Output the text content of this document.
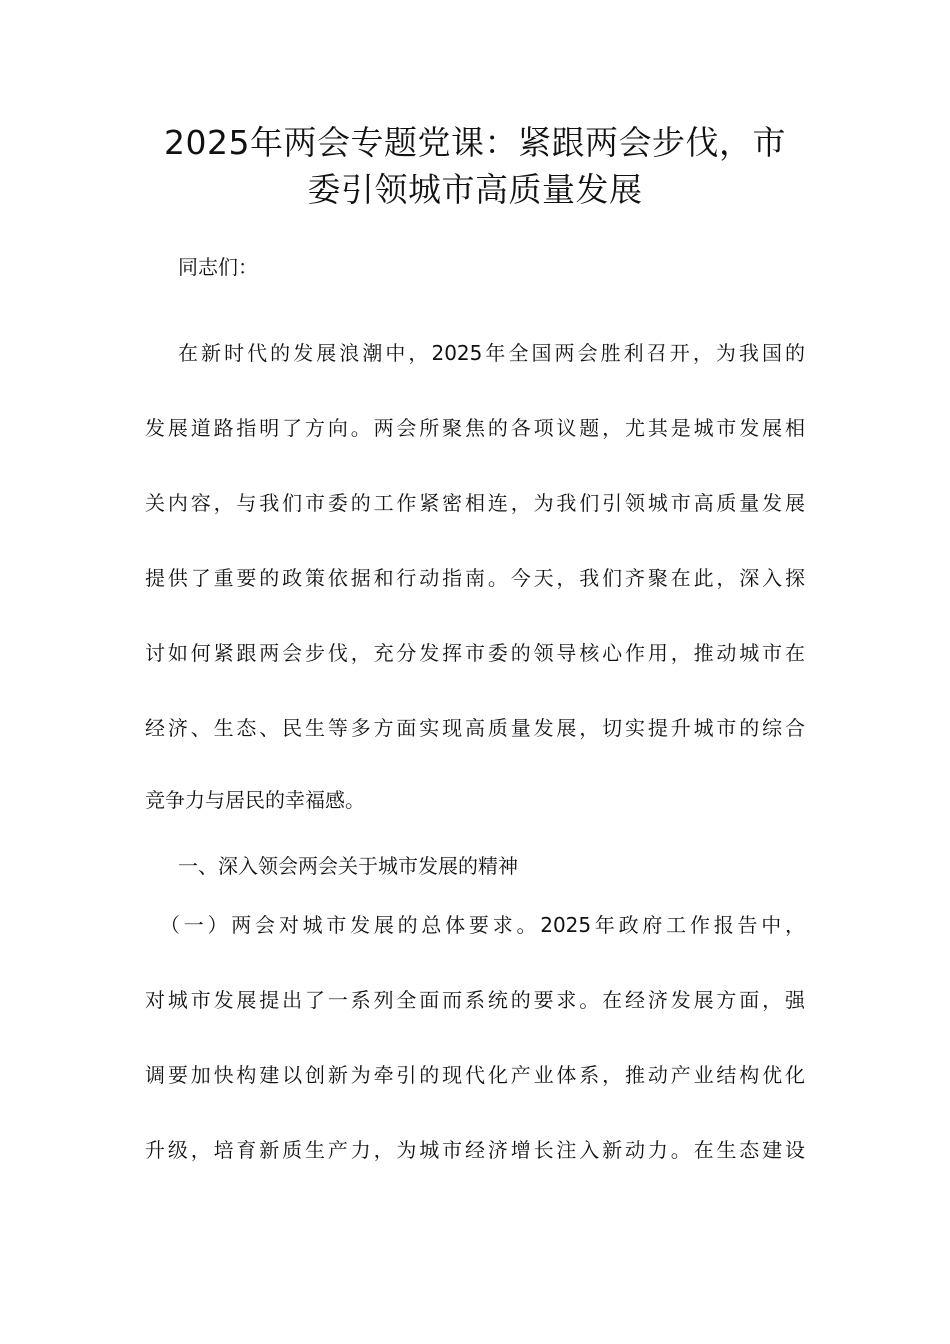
2025年两会专题党课：紧跟两会步伐，市
委引领城市高质量发展
同志们：
在新时代的发展浪潮中，2025年全国两会胜利召开，为我国的
发展道路指明了方向。两会所聚焦的各项议题，尤其是城市发展相
关内容，与我们市委的工作紧密相连，为我们引领城市高质量发展
提供了重要的政策依据和行动指南。今天，我们齐聚在此，深入探
讨如何紧跟两会步伐，充分发挥市委的领导核心作用，推动城市在
经济、生态、民生等多方面实现高质量发展，切实提升城市的综合
竞争力与居民的幸福感。
一、深入领会两会关于城市发展的精神
（一）两会对城市发展的总体要求。2025年政府工作报告中，
对城市发展提出了一系列全面而系统的要求。在经济发展方面，强
调要加快构建以创新为牵引的现代化产业体系，推动产业结构优化
升级，培育新质生产力，为城市经济增长注入新动力。在生态建设
